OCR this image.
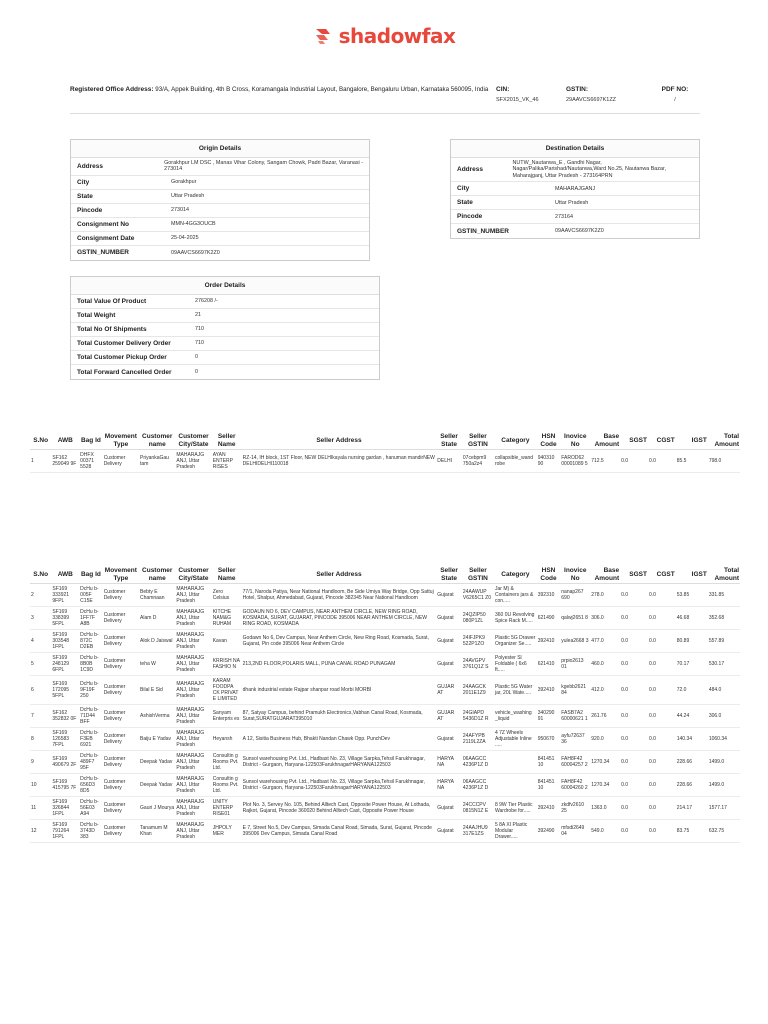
shadowfax
Registered Office Address: 93/A, Appek Building, 4th B Cross, Koramangala Industrial Layout, Bangalore, Bengaluru Urban, Karnataka 560095, India CIN:
SFX2015_VK_46
GSTIN:
29AAVCS6697K1ZZ
PDF NO:
/
Origin Details
Address	Gorakhpur LM DSC , Manas Vihar Colony, Sangam Chowk, Padri Bazar, Varanasi - 273014
City	Gorakhpur
State	Uttar Pradesh
Pincode	273014
Consignment No	MMN-4GG3OUCB
Consignment Date	25-04-2025
GSTIN_NUMBER	09AAVCS6697K2Z0
Destination Details
Address
NUTW_Nautanwa_E , Gandhi Nagar, Nagar/Palika/Parishad/Nautanwa,Ward No.25, Nautanwa Bazar, Maharajganj, Uttar Pradesh - 273164PRN
City	MAHARAJGANJ
State	Uttar Pradesh
Pincode	273164
GSTIN_NUMBER	09AAVCS6697K2Z0
Order Details
Total Value Of Product	276208 /-
Total Weight	21
Total No Of Shipments	710
Total Customer Delivery Order	710
Total Customer Pickup Order	0
Total Forward Cancelled Order	0
S.No	AWB	Bag Id	Movement Type	Customer name	Customer City/State	Seller Name	Seller Address	Seller State	Seller GSTIN	Category	HSN Code	Inovice No	Base Amount	SGST	CGST	IGST	Total Amount
1	SF162 259049 9F	DHFX 00371 5528	Customer Delivery	PriyankaGau tam	MAHARAJG ANJ, Uttar Pradesh	AYAN ENTERP RISES	RZ-14, IH block, 1ST Floor, NEW DELHIkayala nursing gardan , hanuman mandirNEW DELHIDELHI110018	DELHI	07cebpm9 750a2z4	collapsible_wand robe	940310 90	FAROD62 00001089 5	712.5	0.0	0.0	85.5	798.0
S.No	AWB	Bag Id	Movement Type	Customer name	Customer City/State	Seller Name	Seller Address	Seller State	Seller GSTIN	Category	HSN Code	Inovice No	Base Amount	SGST	CGST	IGST	Total Amount
2	SF169 333921 9FPL	DcHu b- 005F C15E	Customer Delivery	Bebty E Chamnaan	MAHARAJG ANJ, Uttar Pradesh	Zero Celsius	77/1, Naroda Patiya, Near National Handloom, Be Side Umiya Way Bridge, Opp Sattuj Hotel, Shalpur, Ahmedabad, Gujarat, Pincode 382345 Near National Handloom	Gujarat	24AAWUP V6265C1 Z0	Jar M) & Containers jars & con.....	392310	nanap267 690	278.0	0.0	0.0	53.85	331.85
3	SF169 338399 5FPL	DcHu b- 1FF7F A8B	Customer Delivery	Alam D	MAHARAJG ANJ, Uttar Pradesh	KITCHE NAM&G RUHAM	GODAUN NO 6, DEV CAMPUS, NEAR ANTHEM CIRCLE, NEW RING ROAD, KOSMADA, SURAT, GUJARAT, PINCODE 395006 NEAR ANTHEM CIRCLE, NEW RING ROAD, KOSMADA	Gujarat	24QZIP50 080P1ZL	360 0U Revolving Spice Rack M.....	621490	qalwj2651 8	306.0	0.0	0.0	46.68	352.68
4	SF169 303548 1FPL	DcHu b- 872C D2EB	Customer Delivery	Alok D Jaiswal	MAHARAJG ANJ, Uttar Pradesh	Kavan	Godawn No 6, Dev Campus, Near Anthem Circle, New Ring Road, Kosmada, Surat, Gujarat, Pin code 395006 Near Anthem Circle	Gujarat	24IFJPK9 522P1ZO	Plastic 5G Drawer Organizer Se.....	392410	yulea2668 3	477.0	0.0	0.0	80.89	557.89
5	SF169 248129 6FPL	DcHu b- 8B0B 1C9D	Customer Delivery	teha W	MAHARAJG ANJ, Uttar Pradesh	KRRISH NA FASHIO N	213,2ND FLOOR,POLARIS MALL, PUNA CANAL ROAD PUNAGAM	Gujarat	24AVGPV 3761Q1Z S	Polyester Sl Foldable ( 6x6 ft.....	621410	prpio2613 01	460.0	0.0	0.0	70.17	530.17
6	SF169 172095 5FPL	DcHu b- 9F19F 250	Customer Delivery	Bilal E Sid	MAHARAJG ANJ, Uttar Pradesh	KARAM FOODPA CK PRIVAT E LIMITED	dhank industrial estate Rajpar shanpar road Morbi MORBI	GUJAR AT	24AAGCK 2011E1Z9	Plastic 5G Water jar, 20L Wate.....	392410	kgebb2621 84	412.0	0.0	0.0	72.0	484.0
7	SF162 352832 0F	DcHu b- 71D44 BFF	Customer Delivery	AshishVerma	MAHARAJG ANJ, Uttar Pradesh	Sanyam Enterpris es	87, Satyay Campus, behind Pramukh Electronics,Vabhan Canal Road, Kosmada, Surat,SURATGUJARAT395010	GUJAR AT	24GIAPD 5436D1Z R	vehicle_washing _liquid	340290 91	FASB7A2 60000621 1	261.76	0.0	0.0	44.24	306.0
8	SF169 126583 7FPL	DcHu b- F3EB 6921	Customer Delivery	Baiju E Yadav	MAHARAJG ANJ, Uttar Pradesh	Heyansh	A 12, Sisitia Business Hub, Bhakti Nandan Chawk Opp. PunchDev	Gujarat	24AFYPB 2119L2ZA	4 7Z Wheels Adjustable Inline .....	950670	ayfu72637 36	920.0	0.0	0.0	140.34	1060.34
9	SF169 490679 2F	DcHu b- 489F7 95F	Customer Delivery	Deepak Yadav	MAHARAJG ANJ, Uttar Pradesh	Consultin g Rooms Pvt. Ltd.	Sunsol warehousing Pvt. Ltd., Hadbast No. 23, Village Sarpka,Tehsil Farukhnagar, District - Gurgaon, Haryana-122503FarukhnagarHARYANA122503	HARYA NA	06AAGCC 4236P1Z D		841451 10	FAH8F42 60004257 2	1270.34	0.0	0.0	228.66	1499.0
10	SF169 415795 7F	DcHu b- 656D3 8D5	Customer Delivery	Deepak Yadav	MAHARAJG ANJ, Uttar Pradesh	Consultin g Rooms Pvt. Ltd.	Sunsol warehousing Pvt. Ltd., Hadbast No. 23, Village Sarpka,Tehsil Farukhnagar, District - Gurgaon, Haryana-122503FarukhnagarHARYANA122503	HARYA NA	06AAGCC 4236P1Z D		841451 10	FAH8F42 60004260 2	1270.34	0.0	0.0	228.66	1499.0
11	SF169 326844 1FPL	DcHu b- 56E03 A94	Customer Delivery	Gauri J Mourya	MAHARAJG ANJ, Uttar Pradesh	UNITY ENTERP RISE01	Plot No. 3, Servey No. 105, Behind Alltech Cast, Opposite Power House, At Lothada, Rajkot, Gujarat, Pincode 360020 Behind Alltech Cast, Opposite Power House	Gujarat	24CCCPV 0815N1Z E	8 9W Tier Plastic Wardrobe for.....	392410	zkdfv2610 25	1363.0	0.0	0.0	214.17	1577.17
12	SF169 791264 1FPL	DcHu b- 3743D 383	Customer Delivery	Tanamum M Khan	MAHARAJG ANJ, Uttar Pradesh	JHPOLY MER	E 7, Street No.5, Dev Campus, Simada Canal Road, Simada, Surat, Gujarat, Pincode 395006 Dev Campus, Simada Canal Road	Gujarat	24AAJHU9 317E1ZS	5 8A XI Plastic Modular Drawer.....	392490	mfsdi2649 04	549.0	0.0	0.0	83.75	632.75
